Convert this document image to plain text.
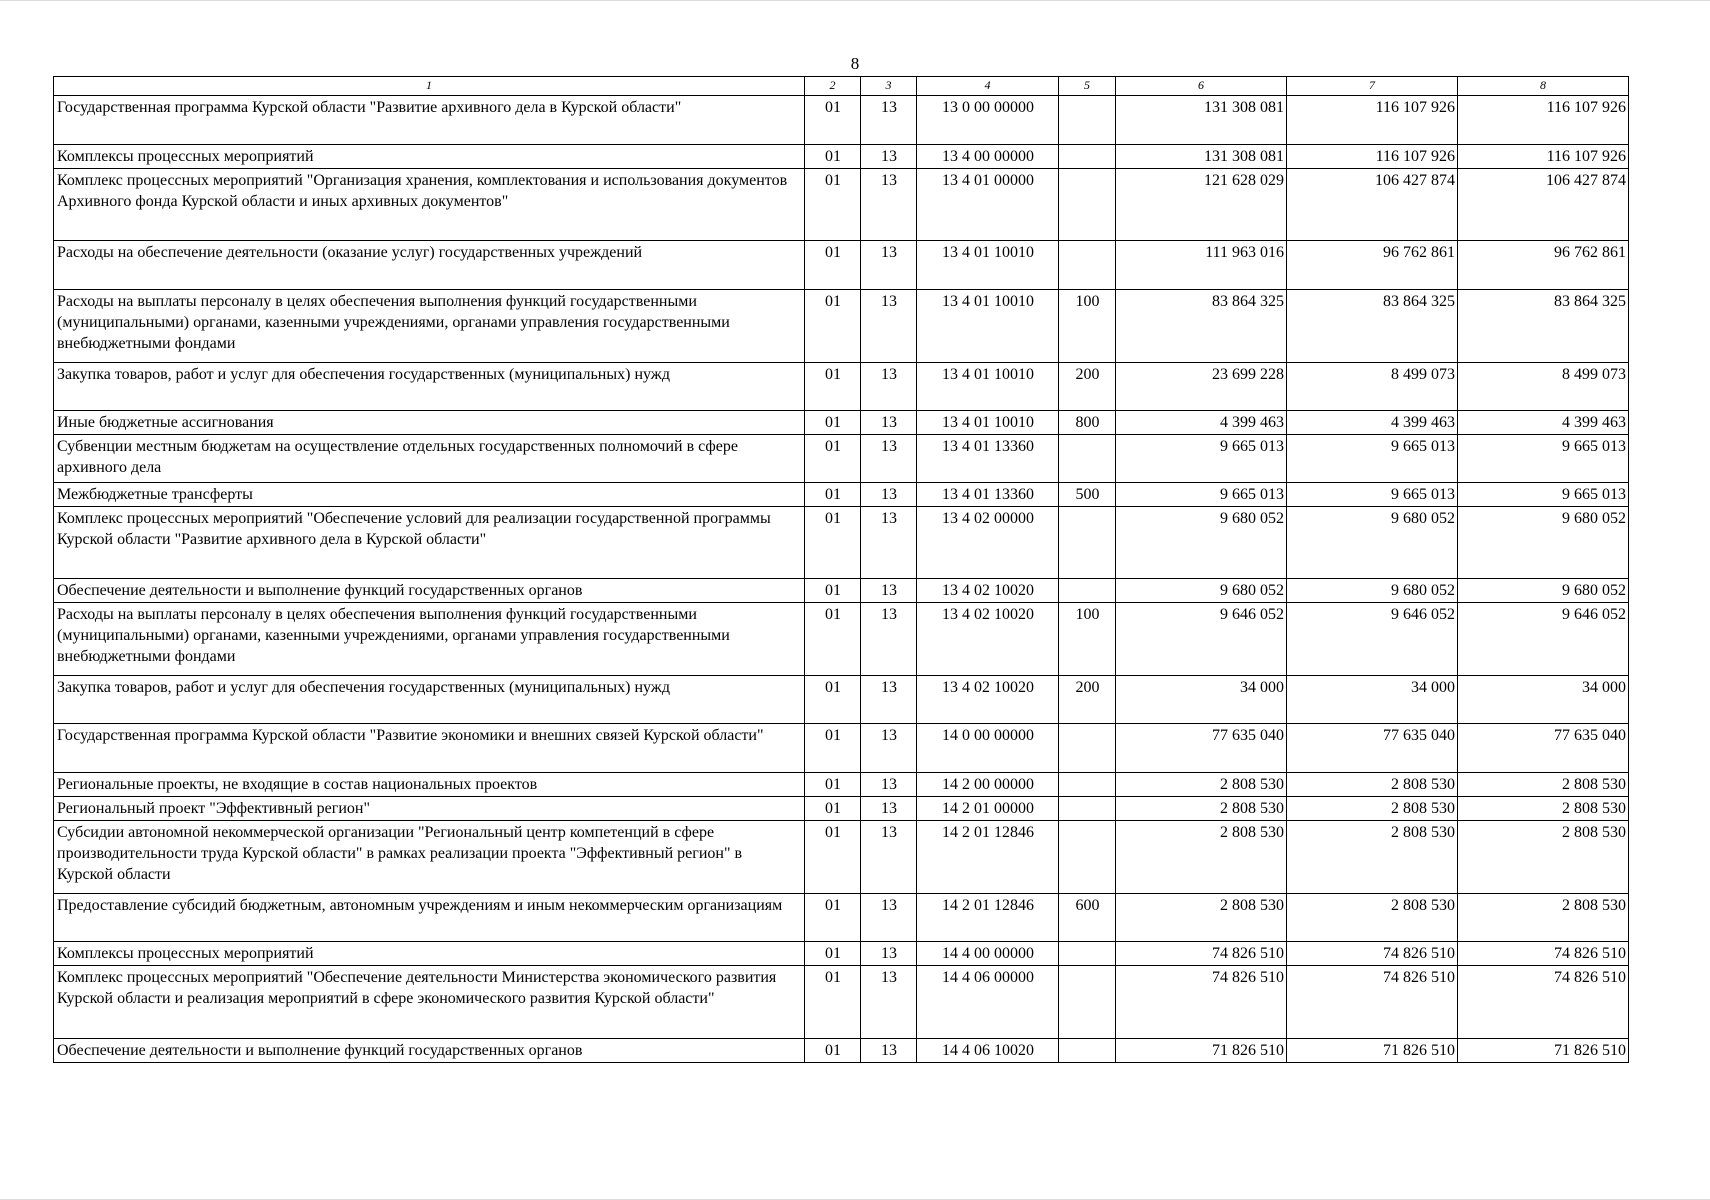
8
1	2	3	4	5	6	7	8
Государственная программа Курской области "Развитие архивного дела в Курской области"	01	13	13 0 00 00000		131 308 081	116 107 926	116 107 926
Комплексы процессных мероприятий	01	13	13 4 00 00000		131 308 081	116 107 926	116 107 926
Комплекс процессных мероприятий "Организация хранения, комплектования и использования документов Архивного фонда Курской области и иных архивных документов"	01	13	13 4 01 00000		121 628 029	106 427 874	106 427 874
Расходы на обеспечение деятельности (оказание услуг) государственных учреждений	01	13	13 4 01 10010		111 963 016	96 762 861	96 762 861
Расходы на выплаты персоналу в целях обеспечения выполнения функций государственными (муниципальными) органами, казенными учреждениями, органами управления государственными внебюджетными фондами	01	13	13 4 01 10010	100	83 864 325	83 864 325	83 864 325
Закупка товаров, работ и услуг для обеспечения государственных (муниципальных) нужд	01	13	13 4 01 10010	200	23 699 228	8 499 073	8 499 073
Иные бюджетные ассигнования	01	13	13 4 01 10010	800	4 399 463	4 399 463	4 399 463
Субвенции местным бюджетам на осуществление отдельных государственных полномочий в сфере архивного дела	01	13	13 4 01 13360		9 665 013	9 665 013	9 665 013
Межбюджетные трансферты	01	13	13 4 01 13360	500	9 665 013	9 665 013	9 665 013
Комплекс процессных мероприятий "Обеспечение условий для реализации государственной программы Курской области "Развитие архивного дела в Курской области"	01	13	13 4 02 00000		9 680 052	9 680 052	9 680 052
Обеспечение деятельности и выполнение функций государственных органов	01	13	13 4 02 10020		9 680 052	9 680 052	9 680 052
Расходы на выплаты персоналу в целях обеспечения выполнения функций государственными (муниципальными) органами, казенными учреждениями, органами управления государственными внебюджетными фондами	01	13	13 4 02 10020	100	9 646 052	9 646 052	9 646 052
Закупка товаров, работ и услуг для обеспечения государственных (муниципальных) нужд	01	13	13 4 02 10020	200	34 000	34 000	34 000
Государственная программа Курской области "Развитие экономики и внешних связей Курской области"	01	13	14 0 00 00000		77 635 040	77 635 040	77 635 040
Региональные проекты, не входящие в состав национальных проектов	01	13	14 2 00 00000		2 808 530	2 808 530	2 808 530
Региональный проект "Эффективный регион"	01	13	14 2 01 00000		2 808 530	2 808 530	2 808 530
Субсидии автономной некоммерческой организации "Региональный центр компетенций в сфере производительности труда Курской области" в рамках реализации проекта "Эффективный регион" в Курской области	01	13	14 2 01 12846		2 808 530	2 808 530	2 808 530
Предоставление субсидий бюджетным, автономным учреждениям и иным некоммерческим организациям	01	13	14 2 01 12846	600	2 808 530	2 808 530	2 808 530
Комплексы процессных мероприятий	01	13	14 4 00 00000		74 826 510	74 826 510	74 826 510
Комплекс процессных мероприятий "Обеспечение деятельности Министерства экономического развития Курской области и реализация мероприятий в сфере экономического развития Курской области"	01	13	14 4 06 00000		74 826 510	74 826 510	74 826 510
Обеспечение деятельности и выполнение функций государственных органов	01	13	14 4 06 10020		71 826 510	71 826 510	71 826 510
